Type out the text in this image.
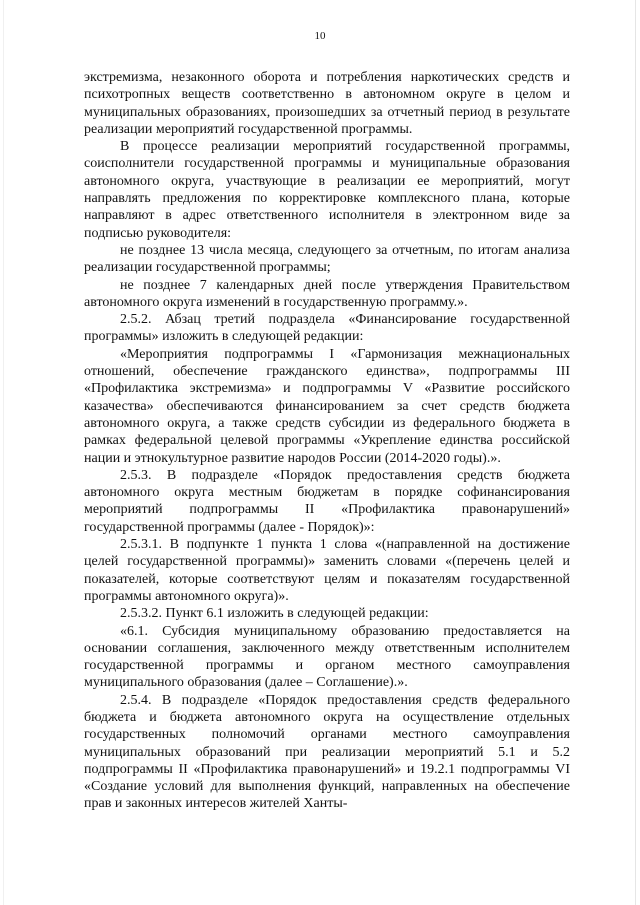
10

экстремизма, незаконного оборота и потребления наркотических средств и психотропных веществ соответственно в автономном округе в целом и муниципальных образованиях, произошедших за отчетный период в результате реализации мероприятий государственной программы.

В процессе реализации мероприятий государственной программы, соисполнители государственной программы и муниципальные образования автономного округа, участвующие в реализации ее мероприятий, могут направлять предложения по корректировке комплексного плана, которые направляют в адрес ответственного исполнителя в электронном виде за подписью руководителя:

не позднее 13 числа месяца, следующего за отчетным, по итогам анализа реализации государственной программы;

не позднее 7 календарных дней после утверждения Правительством автономного округа изменений в государственную программу.».

2.5.2. Абзац третий подраздела «Финансирование государственной программы» изложить в следующей редакции:

«Мероприятия подпрограммы I «Гармонизация межнациональных отношений, обеспечение гражданского единства», подпрограммы III «Профилактика экстремизма» и подпрограммы V «Развитие российского казачества» обеспечиваются финансированием за счет средств бюджета автономного округа, а также средств субсидии из федерального бюджета в рамках федеральной целевой программы «Укрепление единства российской нации и этнокультурное развитие народов России (2014-2020 годы).».

2.5.3. В подразделе «Порядок предоставления средств бюджета автономного округа местным бюджетам в порядке софинансирования мероприятий подпрограммы II «Профилактика правонарушений» государственной программы (далее - Порядок)»:

2.5.3.1. В подпункте 1 пункта 1 слова «(направленной на достижение целей государственной программы)» заменить словами «(перечень целей и показателей, которые соответствуют целям и показателям государственной программы автономного округа)».

2.5.3.2. Пункт 6.1 изложить в следующей редакции:

«6.1. Субсидия муниципальному образованию предоставляется на основании соглашения, заключенного между ответственным исполнителем государственной программы и органом местного самоуправления муниципального образования (далее – Соглашение).».

2.5.4. В подразделе «Порядок предоставления средств федерального бюджета и бюджета автономного округа на осуществление отдельных государственных полномочий органами местного самоуправления муниципальных образований при реализации мероприятий 5.1 и 5.2 подпрограммы II «Профилактика правонарушений» и 19.2.1 подпрограммы VI «Создание условий для выполнения функций, направленных на обеспечение прав и законных интересов жителей Ханты-
